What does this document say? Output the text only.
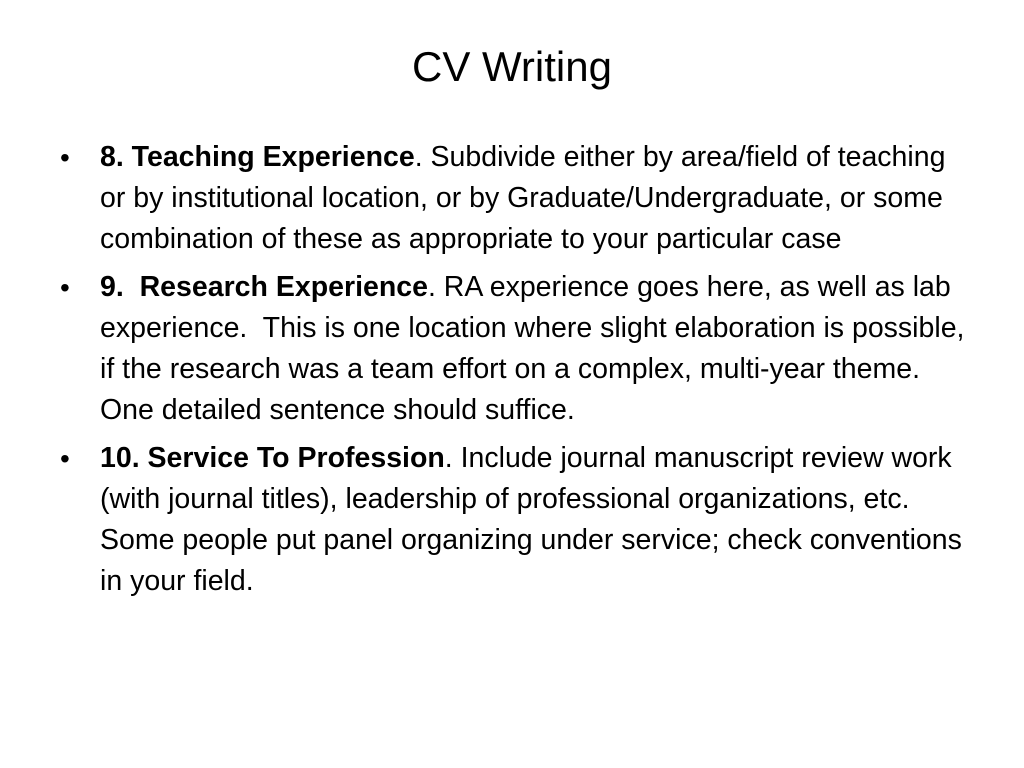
CV Writing
• 8. Teaching Experience. Subdivide either by area/field of teaching or by institutional location, or by Graduate/Undergraduate, or some combination of these as appropriate to your particular case
• 9.  Research Experience. RA experience goes here, as well as lab experience.  This is one location where slight elaboration is possible, if the research was a team effort on a complex, multi-year theme.  One detailed sentence should suffice.
• 10. Service To Profession. Include journal manuscript review work (with journal titles), leadership of professional organizations, etc. Some people put panel organizing under service; check conventions in your field.
